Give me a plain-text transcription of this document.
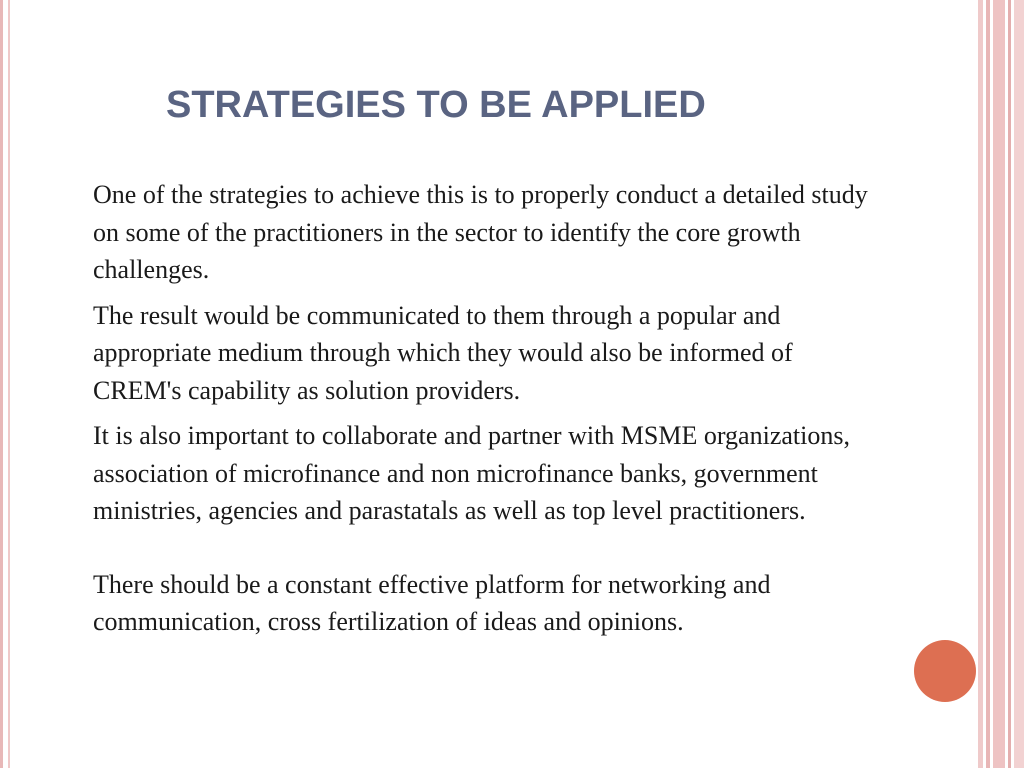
STRATEGIES TO BE APPLIED

One of the strategies to achieve this is to properly conduct a detailed study on some of the practitioners in the sector to identify the core growth challenges.

The result would be communicated to them through a popular and appropriate medium through which they would also be informed of CREM's capability as solution providers.

It is also important to collaborate and partner with MSME organizations, association of microfinance and non microfinance banks, government ministries, agencies and parastatals as well as top level practitioners.

There should be a constant effective platform for networking and communication, cross fertilization of ideas and opinions.
